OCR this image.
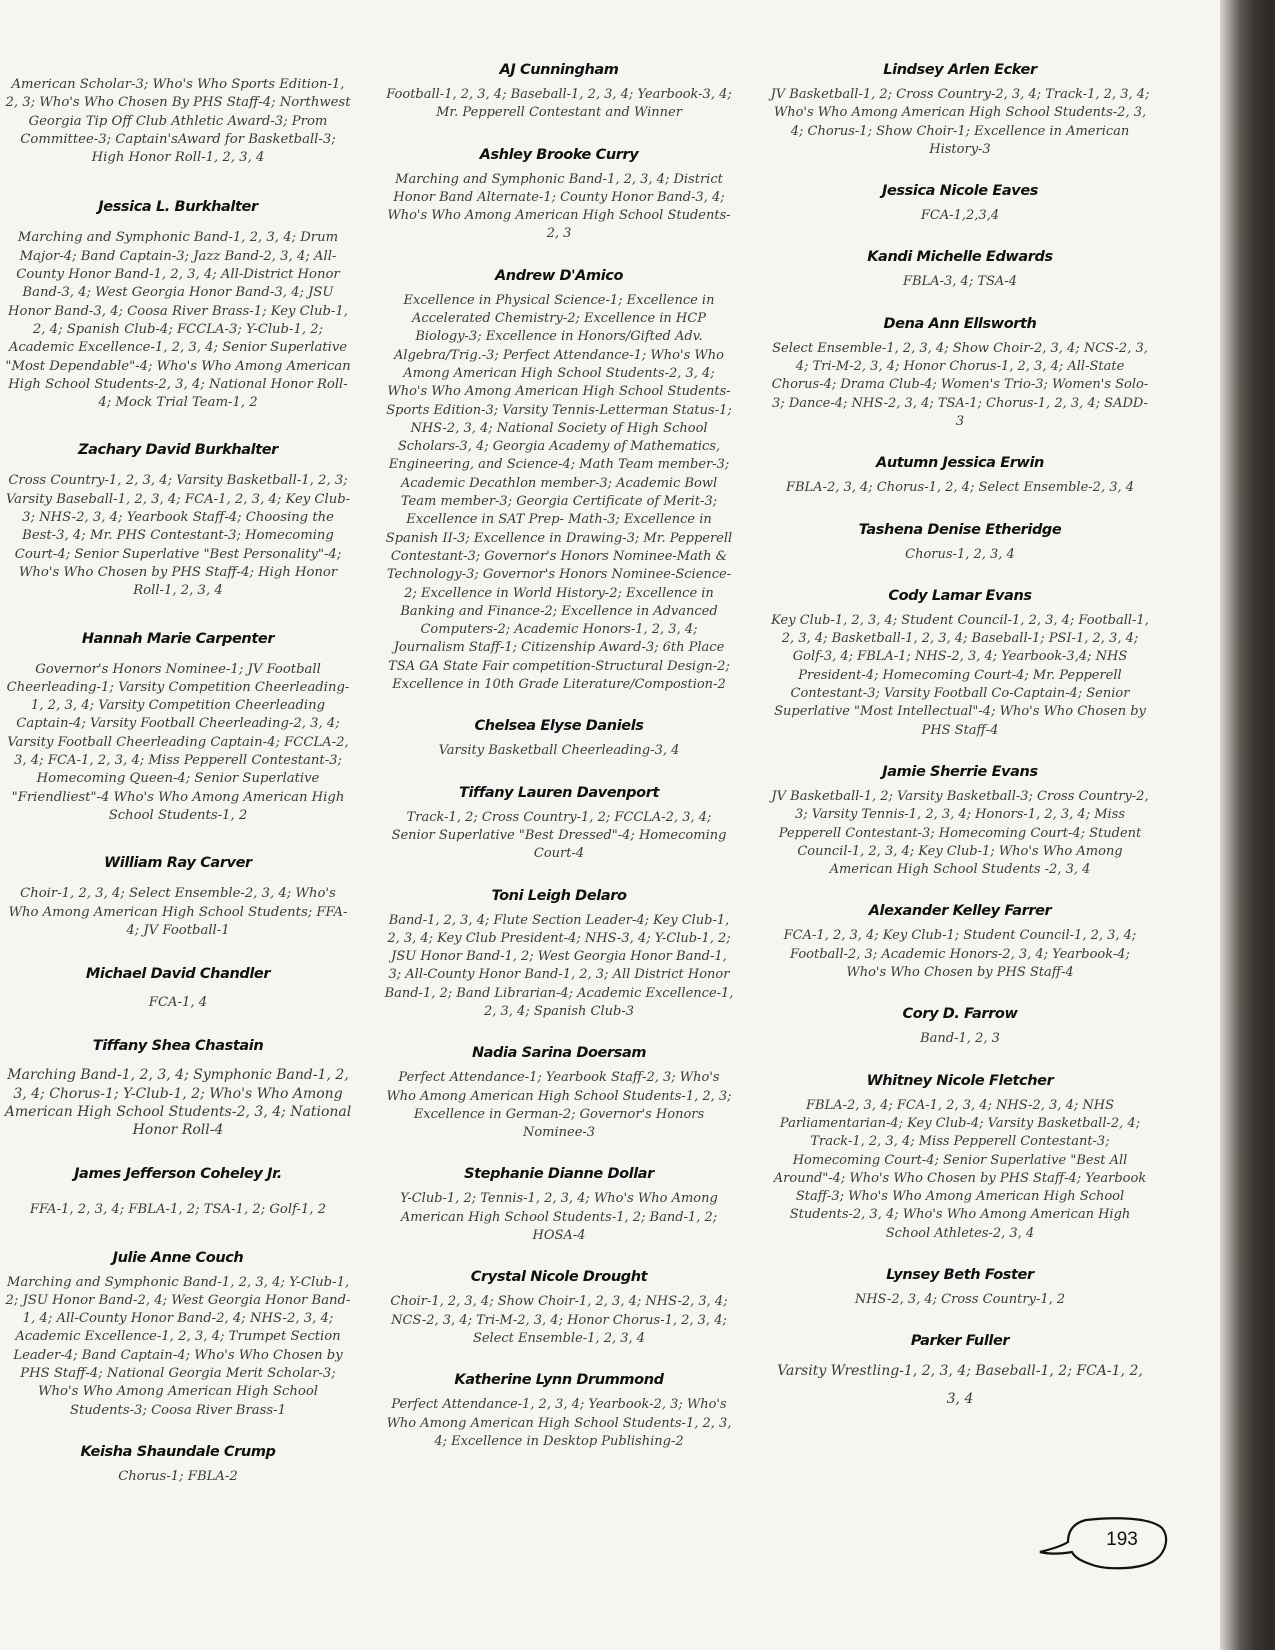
American Scholar-3; Who's Who Sports Edition-1, 2, 3; Who's Who Chosen By PHS Staff-4; Northwest Georgia Tip Off Club Athletic Award-3; Prom Committee-3; Captain'sAward for Basketball-3; High Honor Roll-1, 2, 3, 4

Jessica L. Burkhalter

Marching and Symphonic Band-1, 2, 3, 4; Drum Major-4; Band Captain-3; Jazz Band-2, 3, 4; All-County Honor Band-1, 2, 3, 4; All-District Honor Band-3, 4; West Georgia Honor Band-3, 4; JSU Honor Band-3, 4; Coosa River Brass-1; Key Club-1, 2, 4; Spanish Club-4; FCCLA-3; Y-Club-1, 2; Academic Excellence-1, 2, 3, 4; Senior Superlative "Most Dependable"-4; Who's Who Among American High School Students-2, 3, 4; National Honor Roll-4; Mock Trial Team-1, 2

Zachary David Burkhalter

Cross Country-1, 2, 3, 4; Varsity Basketball-1, 2, 3; Varsity Baseball-1, 2, 3, 4; FCA-1, 2, 3, 4; Key Club-3; NHS-2, 3, 4; Yearbook Staff-4; Choosing the Best-3, 4; Mr. PHS Contestant-3; Homecoming Court-4; Senior Superlative "Best Personality"-4; Who's Who Chosen by PHS Staff-4; High Honor Roll-1, 2, 3, 4

Hannah Marie Carpenter

Governor's Honors Nominee-1; JV Football Cheerleading-1; Varsity Competition Cheerleading-1, 2, 3, 4; Varsity Competition Cheerleading Captain-4; Varsity Football Cheerleading-2, 3, 4; Varsity Football Cheerleading Captain-4; FCCLA-2, 3, 4; FCA-1, 2, 3, 4; Miss Pepperell Contestant-3; Homecoming Queen-4; Senior Superlative "Friendliest"-4 Who's Who Among American High School Students-1, 2

William Ray Carver

Choir-1, 2, 3, 4; Select Ensemble-2, 3, 4; Who's Who Among American High School Students; FFA-4; JV Football-1

Michael David Chandler

FCA-1, 4

Tiffany Shea Chastain

Marching Band-1, 2, 3, 4; Symphonic Band-1, 2, 3, 4; Chorus-1; Y-Club-1, 2; Who's Who Among American High School Students-2, 3, 4; National Honor Roll-4

James Jefferson Coheley Jr.

FFA-1, 2, 3, 4; FBLA-1, 2; TSA-1, 2; Golf-1, 2

Julie Anne Couch

Marching and Symphonic Band-1, 2, 3, 4; Y-Club-1, 2; JSU Honor Band-2, 4; West Georgia Honor Band-1, 4; All-County Honor Band-2, 4; NHS-2, 3, 4; Academic Excellence-1, 2, 3, 4; Trumpet Section Leader-4; Band Captain-4; Who's Who Chosen by PHS Staff-4; National Georgia Merit Scholar-3; Who's Who Among American High School Students-3; Coosa River Brass-1

Keisha Shaundale Crump

Chorus-1; FBLA-2

AJ Cunningham

Football-1, 2, 3, 4; Baseball-1, 2, 3, 4; Yearbook-3, 4; Mr. Pepperell Contestant and Winner

Ashley Brooke Curry

Marching and Symphonic Band-1, 2, 3, 4; District Honor Band Alternate-1; County Honor Band-3, 4; Who's Who Among American High School Students-2, 3

Andrew D'Amico

Excellence in Physical Science-1; Excellence in Accelerated Chemistry-2; Excellence in HCP Biology-3; Excellence in Honors/Gifted Adv. Algebra/Trig.-3; Perfect Attendance-1; Who's Who Among American High School Students-2, 3, 4; Who's Who Among American High School Students-Sports Edition-3; Varsity Tennis-Letterman Status-1; NHS-2, 3, 4; National Society of High School Scholars-3, 4; Georgia Academy of Mathematics, Engineering, and Science-4; Math Team member-3; Academic Decathlon member-3; Academic Bowl Team member-3; Georgia Certificate of Merit-3; Excellence in SAT Prep- Math-3; Excellence in Spanish II-3; Excellence in Drawing-3; Mr. Pepperell Contestant-3; Governor's Honors Nominee-Math & Technology-3; Governor's Honors Nominee-Science-2; Excellence in World History-2; Excellence in Banking and Finance-2; Excellence in Advanced Computers-2; Academic Honors-1, 2, 3, 4; Journalism Staff-1; Citizenship Award-3; 6th Place TSA GA State Fair competition-Structural Design-2; Excellence in 10th Grade Literature/Compostion-2

Chelsea Elyse Daniels

Varsity Basketball Cheerleading-3, 4

Tiffany Lauren Davenport

Track-1, 2; Cross Country-1, 2; FCCLA-2, 3, 4; Senior Superlative "Best Dressed"-4; Homecoming Court-4

Toni Leigh Delaro

Band-1, 2, 3, 4; Flute Section Leader-4; Key Club-1, 2, 3, 4; Key Club President-4; NHS-3, 4; Y-Club-1, 2; JSU Honor Band-1, 2; West Georgia Honor Band-1, 3; All-County Honor Band-1, 2, 3; All District Honor Band-1, 2; Band Librarian-4; Academic Excellence-1, 2, 3, 4; Spanish Club-3

Nadia Sarina Doersam

Perfect Attendance-1; Yearbook Staff-2, 3; Who's Who Among American High School Students-1, 2, 3; Excellence in German-2; Governor's Honors Nominee-3

Stephanie Dianne Dollar

Y-Club-1, 2; Tennis-1, 2, 3, 4; Who's Who Among American High School Students-1, 2; Band-1, 2; HOSA-4

Crystal Nicole Drought

Choir-1, 2, 3, 4; Show Choir-1, 2, 3, 4; NHS-2, 3, 4; NCS-2, 3, 4; Tri-M-2, 3, 4; Honor Chorus-1, 2, 3, 4; Select Ensemble-1, 2, 3, 4

Katherine Lynn Drummond

Perfect Attendance-1, 2, 3, 4; Yearbook-2, 3; Who's Who Among American High School Students-1, 2, 3, 4; Excellence in Desktop Publishing-2

Lindsey Arlen Ecker

JV Basketball-1, 2; Cross Country-2, 3, 4; Track-1, 2, 3, 4; Who's Who Among American High School Students-2, 3, 4; Chorus-1; Show Choir-1; Excellence in American History-3

Jessica Nicole Eaves

FCA-1,2,3,4

Kandi Michelle Edwards

FBLA-3, 4; TSA-4

Dena Ann Ellsworth

Select Ensemble-1, 2, 3, 4; Show Choir-2, 3, 4; NCS-2, 3, 4; Tri-M-2, 3, 4; Honor Chorus-1, 2, 3, 4; All-State Chorus-4; Drama Club-4; Women's Trio-3; Women's Solo-3; Dance-4; NHS-2, 3, 4; TSA-1; Chorus-1, 2, 3, 4; SADD-3

Autumn Jessica Erwin

FBLA-2, 3, 4; Chorus-1, 2, 4; Select Ensemble-2, 3, 4

Tashena Denise Etheridge

Chorus-1, 2, 3, 4

Cody Lamar Evans

Key Club-1, 2, 3, 4; Student Council-1, 2, 3, 4; Football-1, 2, 3, 4; Basketball-1, 2, 3, 4; Baseball-1; PSI-1, 2, 3, 4; Golf-3, 4; FBLA-1; NHS-2, 3, 4; Yearbook-3,4; NHS President-4; Homecoming Court-4; Mr. Pepperell Contestant-3; Varsity Football Co-Captain-4; Senior Superlative "Most Intellectual"-4; Who's Who Chosen by PHS Staff-4

Jamie Sherrie Evans

JV Basketball-1, 2; Varsity Basketball-3; Cross Country-2, 3; Varsity Tennis-1, 2, 3, 4; Honors-1, 2, 3, 4; Miss Pepperell Contestant-3; Homecoming Court-4; Student Council-1, 2, 3, 4; Key Club-1; Who's Who Among American High School Students -2, 3, 4

Alexander Kelley Farrer

FCA-1, 2, 3, 4; Key Club-1; Student Council-1, 2, 3, 4; Football-2, 3; Academic Honors-2, 3, 4; Yearbook-4; Who's Who Chosen by PHS Staff-4

Cory D. Farrow

Band-1, 2, 3

Whitney Nicole Fletcher

FBLA-2, 3, 4; FCA-1, 2, 3, 4; NHS-2, 3, 4; NHS Parliamentarian-4; Key Club-4; Varsity Basketball-2, 4; Track-1, 2, 3, 4; Miss Pepperell Contestant-3; Homecoming Court-4; Senior Superlative "Best All Around"-4; Who's Who Chosen by PHS Staff-4; Yearbook Staff-3; Who's Who Among American High School Students-2, 3, 4; Who's Who Among American High School Athletes-2, 3, 4

Lynsey Beth Foster

NHS-2, 3, 4; Cross Country-1, 2

Parker Fuller

Varsity Wrestling-1, 2, 3, 4; Baseball-1, 2; FCA-1, 2, 3, 4

193
